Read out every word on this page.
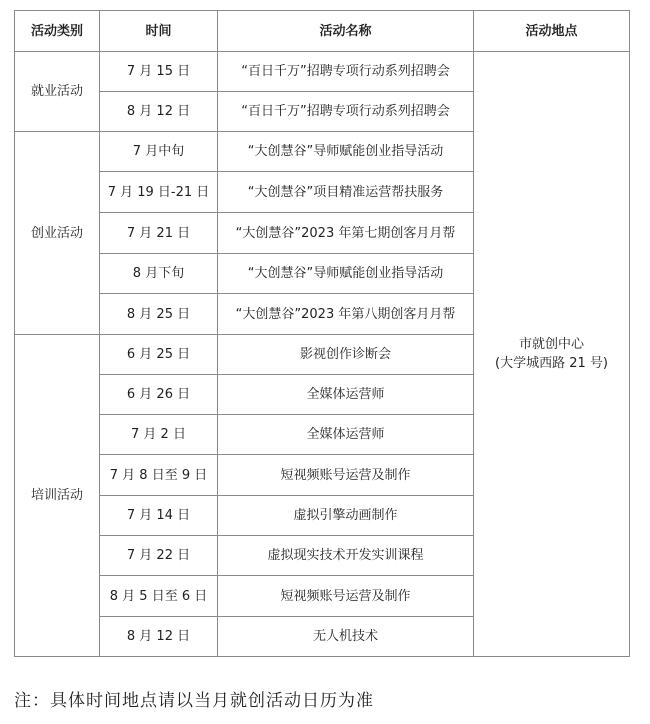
活动类别	时间	活动名称	活动地点
就业活动	7 月 15 日	“百日千万”招聘专项行动系列招聘会	市就创中心
(大学城西路 21 号)

	8 月 12 日	“百日千万”招聘专项行动系列招聘会	
创业活动	7 月中旬	“大创慧谷”导师赋能创业指导活动	
	7 月 19 日-21 日	“大创慧谷”项目精准运营帮扶服务	
	7 月 21 日	“大创慧谷”2023 年第七期创客月月帮	
	8 月下旬	“大创慧谷”导师赋能创业指导活动	
	8 月 25 日	“大创慧谷”2023 年第八期创客月月帮	
培训活动	6 月 25 日	影视创作诊断会	
	6 月 26 日	全媒体运营师	
	7 月 2 日	全媒体运营师	
	7 月 8 日至 9 日	短视频账号运营及制作	
	7 月 14 日	虚拟引擎动画制作	
	7 月 22 日	虚拟现实技术开发实训课程	
	8 月 5 日至 6 日	短视频账号运营及制作	
	8 月 12 日	无人机技术	
注：具体时间地点请以当月就创活动日历为准
